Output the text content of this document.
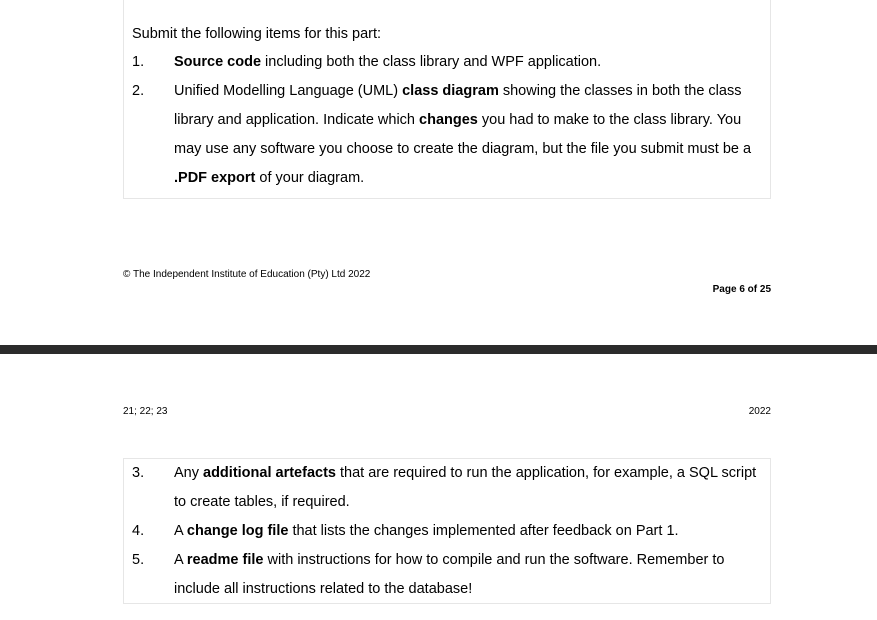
Submit the following items for this part:
1.	Source code including both the class library and WPF application.
2.	Unified Modelling Language (UML) class diagram showing the classes in both the class library and application. Indicate which changes you had to make to the class library. You may use any software you choose to create the diagram, but the file you submit must be a .PDF export of your diagram.
© The Independent Institute of Education (Pty) Ltd 2022
Page 6 of 25
21; 22; 23	2022
3.	Any additional artefacts that are required to run the application, for example, a SQL script to create tables, if required.
4.	A change log file that lists the changes implemented after feedback on Part 1.
5.	A readme file with instructions for how to compile and run the software. Remember to include all instructions related to the database!
